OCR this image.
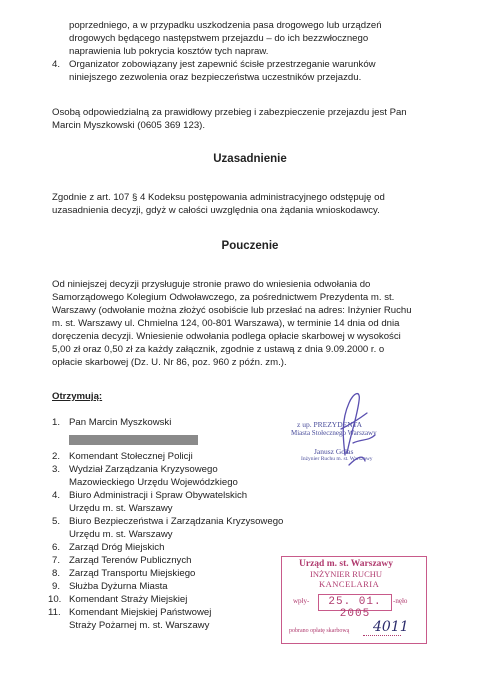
poprzedniego, a w przypadku uszkodzenia pasa drogowego lub urządzeń
drogowych będącego następstwem przejazdu – do ich bezzwłocznego
naprawienia lub pokrycia kosztów tych napraw.
4. Organizator zobowiązany jest zapewnić ścisłe przestrzeganie warunków
niniejszego zezwolenia oraz bezpieczeństwa uczestników przejazdu.
Osobą odpowiedzialną za prawidłowy przebieg i zabezpieczenie przejazdu jest Pan
Marcin Myszkowski (0605 369 123).
Uzasadnienie
Zgodnie z art. 107 § 4 Kodeksu postępowania administracyjnego odstępuję od
uzasadnienia decyzji, gdyż w całości uwzględnia ona żądania wnioskodawcy.
Pouczenie
Od niniejszej decyzji przysługuje stronie prawo do wniesienia odwołania do
Samorządowego Kolegium Odwoławczego, za pośrednictwem Prezydenta m. st.
Warszawy (odwołanie można złożyć osobiście lub przesłać na adres: Inżynier Ruchu
m. st. Warszawy ul. Chmielna 124, 00-801 Warszawa), w terminie 14 dnia od dnia
doręczenia decyzji. Wniesienie odwołania podlega opłacie skarbowej w wysokości
5,00 zł oraz 0,50 zł za każdy załącznik, zgodnie z ustawą z dnia 9.09.2000 r. o
opłacie skarbowej (Dz. U. Nr 86, poz. 960 z późn. zm.).
Otrzymują:
1. Pan Marcin Myszkowski
2. Komendant Stołecznej Policji
3. Wydział Zarządzania Kryzysowego
Mazowieckiego Urzędu Wojewódzkiego
4. Biuro Administracji i Spraw Obywatelskich
Urzędu m. st. Warszawy
5. Biuro Bezpieczeństwa i Zarządzania Kryzysowego
Urzędu m. st. Warszawy
6. Zarząd Dróg Miejskich
7. Zarząd Terenów Publicznych
8. Zarząd Transportu Miejskiego
9. Służba Dyżurna Miasta
10. Komendant Straży Miejskiej
11. Komendant Miejskiej Państwowej
Straży Pożarnej m. st. Warszawy
z up. PREZYDENTA
Miasta Stołecznego Warszawy
Janusz Gołas
Inżynier Ruchu m. st. Warszawy
Urząd m. st. Warszawy
INŻYNIER RUCHU
KANCELARIA
wpły-	25. 01. 2005
-nęło
pobrano opłatę skarbową 4011
